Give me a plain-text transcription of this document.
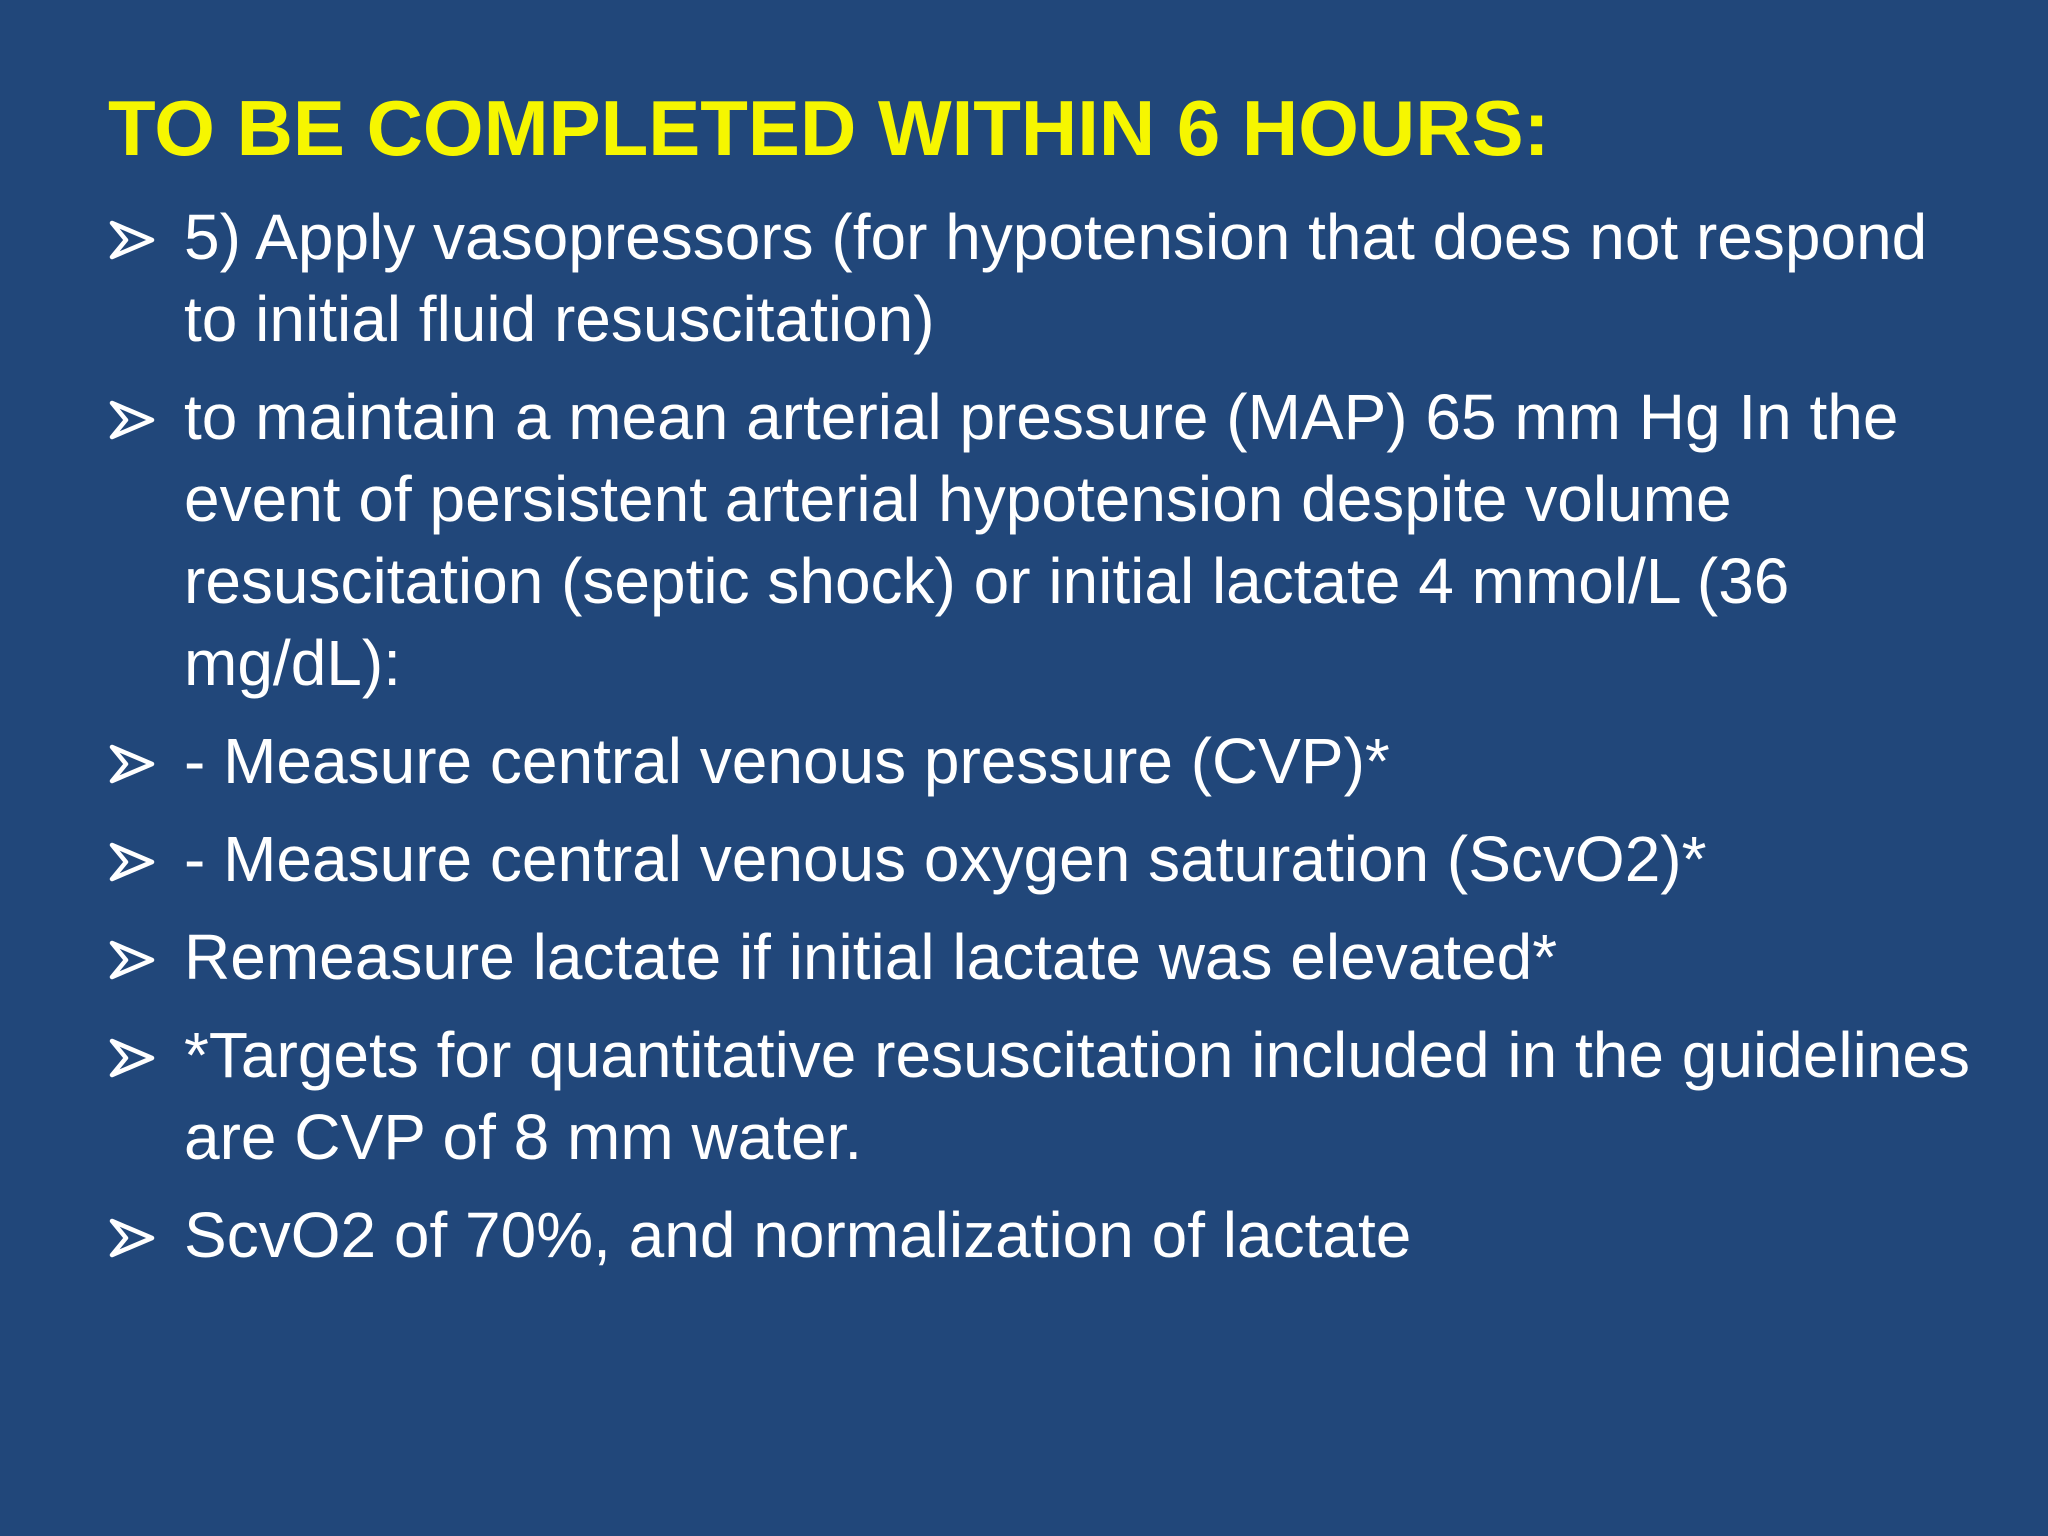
TO BE COMPLETED WITHIN 6 HOURS:
5) Apply vasopressors (for hypotension that does not respond to initial fluid resuscitation)
to maintain a mean arterial pressure (MAP) 65 mm Hg In the event of persistent arterial hypotension despite volume resuscitation (septic shock) or initial lactate 4 mmol/L (36 mg/dL):
- Measure central venous pressure (CVP)*
- Measure central venous oxygen saturation (ScvO2)*
Remeasure lactate if initial lactate was elevated*
*Targets for quantitative resuscitation included in the guidelines are CVP of 8 mm water.
ScvO2 of 70%, and normalization of lactate
